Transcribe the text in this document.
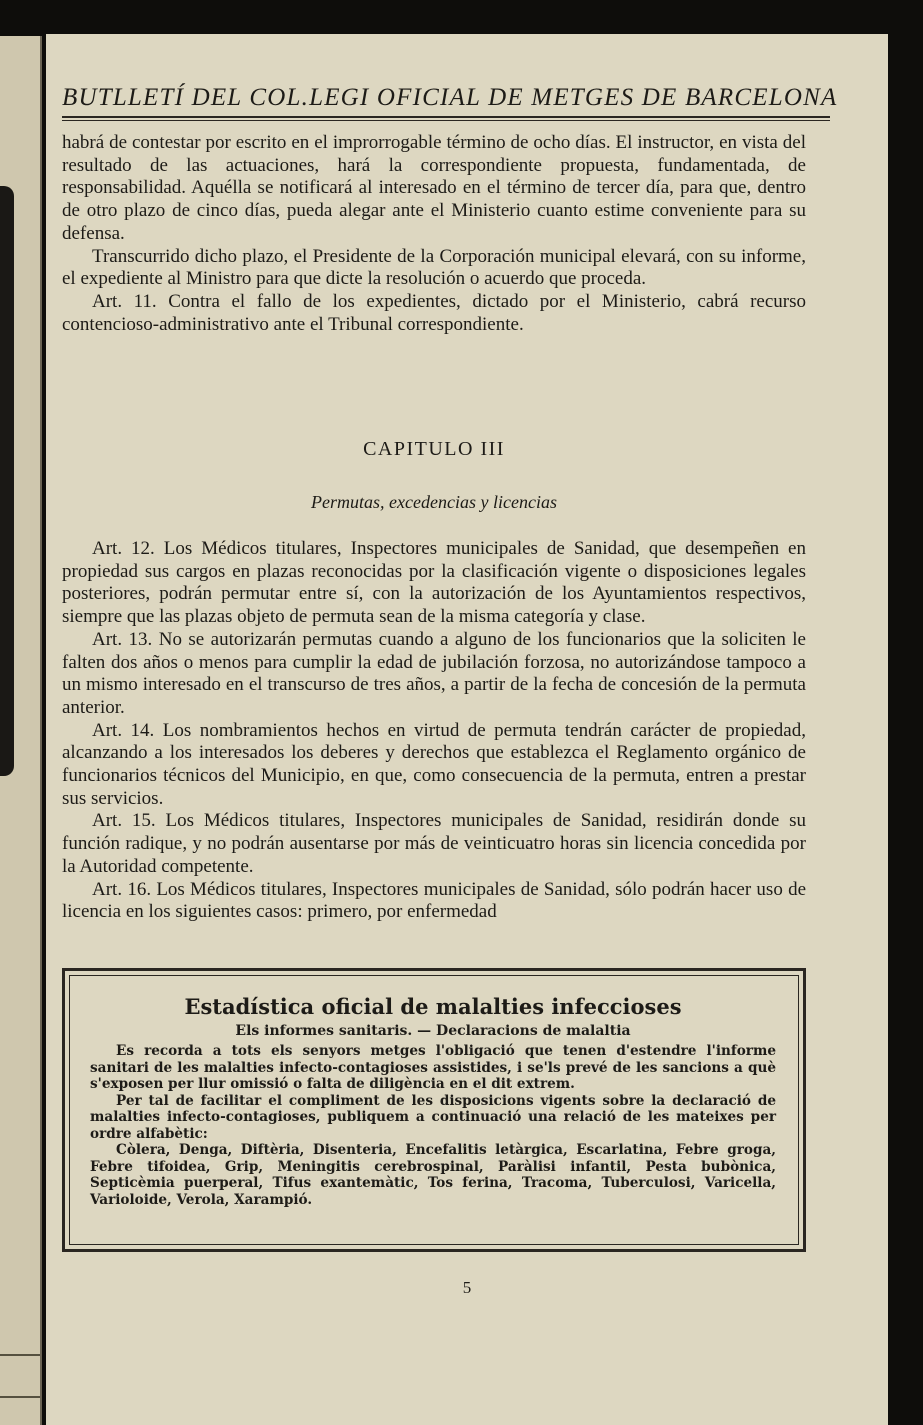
BUTLLETÍ DEL COL.LEGI OFICIAL DE METGES DE BARCELONA

habrá de contestar por escrito en el improrrogable término de ocho días. El instructor, en vista del resultado de las actuaciones, hará la correspondiente propuesta, fundamentada, de responsabilidad. Aquélla se notificará al interesado en el término de tercer día, para que, dentro de otro plazo de cinco días, pueda alegar ante el Ministerio cuanto estime conveniente para su defensa.

Transcurrido dicho plazo, el Presidente de la Corporación municipal elevará, con su informe, el expediente al Ministro para que dicte la resolución o acuerdo que proceda.

Art. 11. Contra el fallo de los expedientes, dictado por el Ministerio, cabrá recurso contencioso-administrativo ante el Tribunal correspondiente.

CAPITULO III
Permutas, excedencias y licencias

Art. 12. Los Médicos titulares, Inspectores municipales de Sanidad, que desempeñen en propiedad sus cargos en plazas reconocidas por la clasificación vigente o disposiciones legales posteriores, podrán permutar entre sí, con la autorización de los Ayuntamientos respectivos, siempre que las plazas objeto de permuta sean de la misma categoría y clase.

Art. 13. No se autorizarán permutas cuando a alguno de los funcionarios que la soliciten le falten dos años o menos para cumplir la edad de jubilación forzosa, no autorizándose tampoco a un mismo interesado en el transcurso de tres años, a partir de la fecha de concesión de la permuta anterior.

Art. 14. Los nombramientos hechos en virtud de permuta tendrán carácter de propiedad, alcanzando a los interesados los deberes y derechos que establezca el Reglamento orgánico de funcionarios técnicos del Municipio, en que, como consecuencia de la permuta, entren a prestar sus servicios.

Art. 15. Los Médicos titulares, Inspectores municipales de Sanidad, residirán donde su función radique, y no podrán ausentarse por más de veinticuatro horas sin licencia concedida por la Autoridad competente.

Art. 16. Los Médicos titulares, Inspectores municipales de Sanidad, sólo podrán hacer uso de licencia en los siguientes casos: primero, por enfermedad

Estadística oficial de malalties infeccioses
Els informes sanitaris. — Declaracions de malaltia

Es recorda a tots els senyors metges l'obligació que tenen d'estendre l'informe sanitari de les malalties infecto-contagioses assistides, i se'ls prevé de les sancions a què s'exposen per llur omissió o falta de diligència en el dit extrem.

Per tal de facilitar el compliment de les disposicions vigents sobre la declaració de malalties infecto-contagioses, publiquem a continuació una relació de les mateixes per ordre alfabètic:

Còlera, Denga, Diftèria, Disenteria, Encefalitis letàrgica, Escarlatina, Febre groga, Febre tifoidea, Grip, Meningitis cerebrospinal, Paràlisi infantil, Pesta bubònica, Septicèmia puerperal, Tifus exantemàtic, Tos ferina, Tracoma, Tuberculosi, Varicella, Varioloide, Verola, Xarampió.

5
